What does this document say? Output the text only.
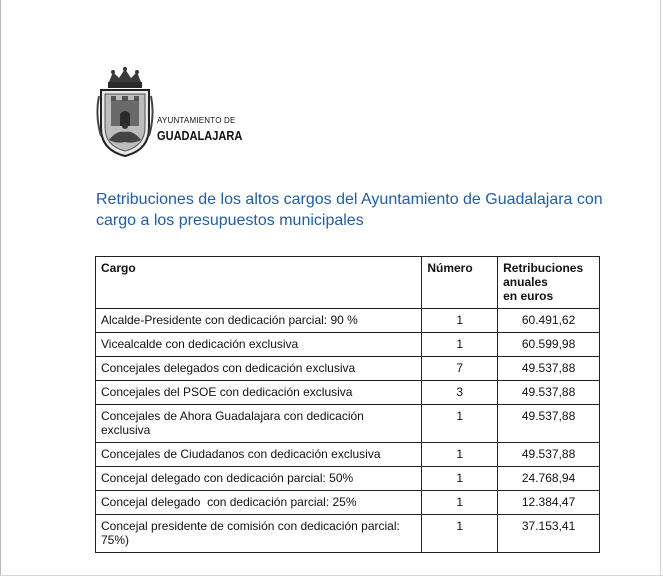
AYUNTAMIENTO DE
GUADALAJARA
Retribuciones de los altos cargos del Ayuntamiento de Guadalajara con cargo a los presupuestos municipales
Cargo	Número	Retribuciones
anuales
en euros

Alcalde-Presidente con dedicación parcial: 90 %	1	60.491,62
Vicealcalde con dedicación exclusiva	1	60.599,98
Concejales delegados con dedicación exclusiva	7	49.537,88
Concejales del PSOE con dedicación exclusiva	3	49.537,88
Concejales de Ahora Guadalajara con dedicación exclusiva	1	49.537,88
Concejales de Ciudadanos con dedicación exclusiva	1	49.537,88
Concejal delegado con dedicación parcial: 50%	1	24.768,94
Concejal delegado  con dedicación parcial: 25%	1	12.384,47
Concejal presidente de comisión con dedicación parcial: 75%)	1	37.153,41
